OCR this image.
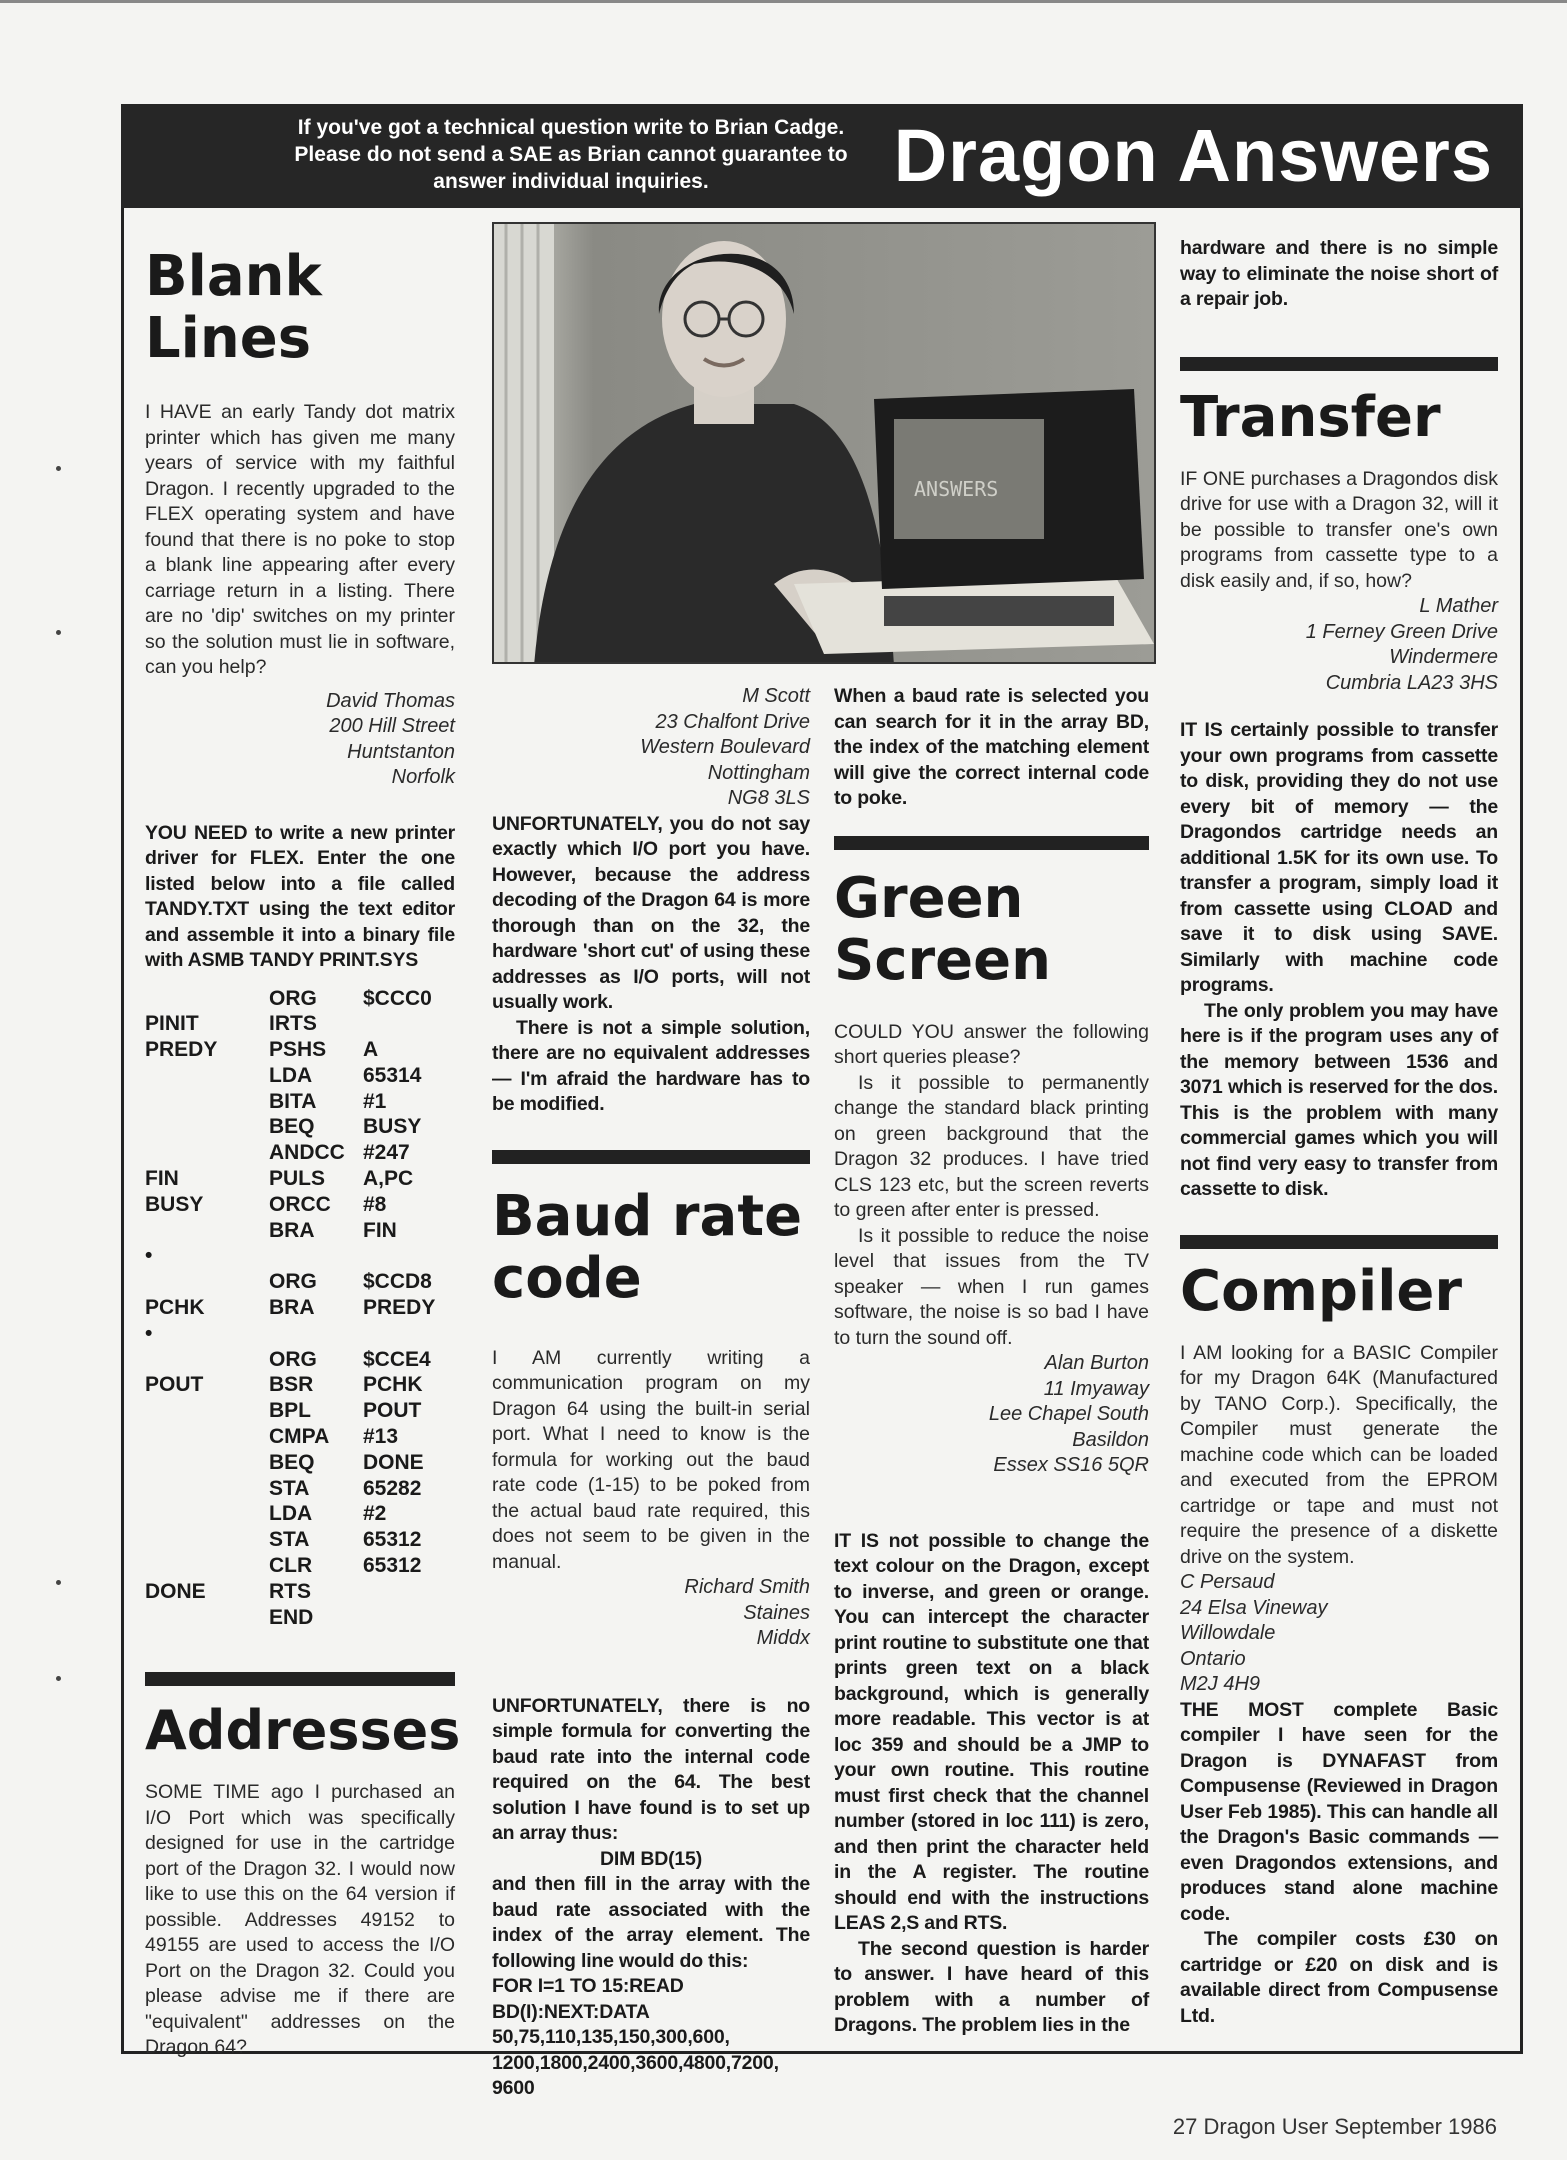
If you've got a technical question write to Brian Cadge.
Please do not send a SAE as Brian cannot guarantee to
answer individual inquiries.	Dragon Answers
Blank
Lines

I HAVE an early Tandy dot matrix printer which has given me many years of service with my faithful Dragon. I recently upgraded to the FLEX operating system and have found that there is no poke to stop a blank line appearing after every carriage return in a listing. There are no 'dip' switches on my printer so the solution must lie in software, can you help?

David Thomas

200 Hill Street

Huntstanton

Norfolk

YOU NEED to write a new printer driver for FLEX. Enter the one listed below into a file called TANDY.TXT using the text editor and assemble it into a binary file with ASMB TANDY PRINT.SYS

	ORG	$CCC0
PINIT	IRTS	
PREDY	PSHS	A
	LDA	65314
	BITA	#1
	BEQ	BUSY
	ANDCC	#247
FIN	PULS	A,PC
BUSY	ORCC	#8
	BRA	FIN
•		
	ORG	$CCD8
PCHK	BRA	PREDY
•		
	ORG	$CCE4
POUT	BSR	PCHK
	BPL	POUT
	CMPA	#13
	BEQ	DONE
	STA	65282
	LDA	#2
	STA	65312
	CLR	65312
DONE	RTS	
	END	
Addresses

SOME TIME ago I purchased an I/O Port which was specifically designed for use in the cartridge port of the Dragon 32. I would now like to use this on the 64 version if possible. Addresses 49152 to 49155 are used to access the I/O Port on the Dragon 32. Could you please advise me if there are "equivalent" addresses on the Dragon 64?

ANSWERS

M Scott

23 Chalfont Drive

Western Boulevard

Nottingham

NG8 3LS

UNFORTUNATELY, you do not say exactly which I/O port you have. However, because the address decoding of the Dragon 64 is more thorough than on the 32, the hardware 'short cut' of using these addresses as I/O ports, will not usually work.

There is not a simple solution, there are no equivalent addresses — I'm afraid the hardware has to be modified.

Baud rate
code

I AM currently writing a communication program on my Dragon 64 using the built-in serial port. What I need to know is the formula for working out the baud rate code (1-15) to be poked from the actual baud rate required, this does not seem to be given in the manual.

Richard Smith

Staines

Middx

UNFORTUNATELY, there is no simple formula for converting the baud rate into the internal code required on the 64. The best solution I have found is to set up an array thus:

DIM BD(15)

and then fill in the array with the baud rate associated with the index of the array element. The following line would do this:

FOR I=1 TO 15:READ BD(I):NEXT:DATA 50,75,110,135,150,300,600, 1200,1800,2400,3600,4800,7200, 9600

When a baud rate is selected you can search for it in the array BD, the index of the matching element will give the correct internal code to poke.

Green
Screen

COULD YOU answer the following short queries please?

Is it possible to permanently change the standard black printing on green background that the Dragon 32 produces. I have tried CLS 123 etc, but the screen reverts to green after enter is pressed.

Is it possible to reduce the noise level that issues from the TV speaker — when I run games software, the noise is so bad I have to turn the sound off.

Alan Burton

11 Imyaway

Lee Chapel South

Basildon

Essex SS16 5QR

IT IS not possible to change the text colour on the Dragon, except to inverse, and green or orange. You can intercept the character print routine to substitute one that prints green text on a black background, which is generally more readable. This vector is at loc 359 and should be a JMP to your own routine. This routine must first check that the channel number (stored in loc 111) is zero, and then print the character held in the A register. The routine should end with the instructions LEAS 2,S and RTS.

The second question is harder to answer. I have heard of this problem with a number of Dragons. The problem lies in the

hardware and there is no simple way to eliminate the noise short of a repair job.

Transfer

IF ONE purchases a Dragondos disk drive for use with a Dragon 32, will it be possible to transfer one's own programs from cassette type to a disk easily and, if so, how?

L Mather

1 Ferney Green Drive

Windermere

Cumbria LA23 3HS

IT IS certainly possible to transfer your own programs from cassette to disk, providing they do not use every bit of memory — the Dragondos cartridge needs an additional 1.5K for its own use. To transfer a program, simply load it from cassette using CLOAD and save it to disk using SAVE. Similarly with machine code programs.

The only problem you may have here is if the program uses any of the memory between 1536 and 3071 which is reserved for the dos. This is the problem with many commercial games which you will not find very easy to transfer from cassette to disk.

Compiler

I AM looking for a BASIC Compiler for my Dragon 64K (Manufactured by TANO Corp.). Specifically, the Compiler must generate the machine code which can be loaded and executed from the EPROM cartridge or tape and must not require the presence of a diskette drive on the system.

C Persaud

24 Elsa Vineway

Willowdale

Ontario

M2J 4H9

THE MOST complete Basic compiler I have seen for the Dragon is DYNAFAST from Compusense (Reviewed in Dragon User Feb 1985). This can handle all the Dragon's Basic commands — even Dragondos extensions, and produces stand alone machine code.

The compiler costs £30 on cartridge or £20 on disk and is available direct from Compusense Ltd.

27 Dragon User September 1986
